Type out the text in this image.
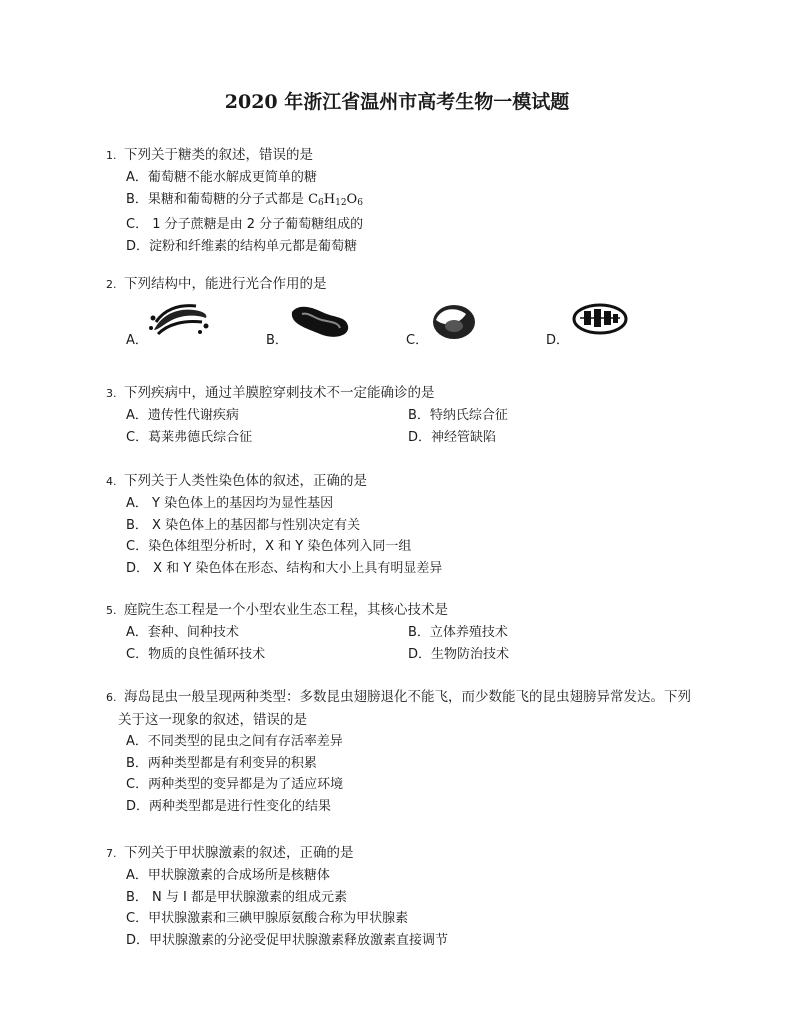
2020 年浙江省温州市高考生物一模试题
1. 下列关于糖类的叙述，错误的是
A．葡萄糖不能水解成更简单的糖
B．果糖和葡萄糖的分子式都是 $C_6H_{12}O_6$
C． 1 分子蔗糖是由 2 分子葡萄糖组成的
D．淀粉和纤维素的结构单元都是葡萄糖
2. 下列结构中，能进行光合作用的是
A．	B．	C．	D．
3. 下列疾病中，通过羊膜腔穿刺技术不一定能确诊的是
A．遗传性代谢疾病	B．特纳氏综合征
C．葛莱弗德氏综合征	D．神经管缺陷
4. 下列关于人类性染色体的叙述，正确的是
A． Y 染色体上的基因均为显性基因
B． X 染色体上的基因都与性别决定有关
C．染色体组型分析时，X 和 Y 染色体列入同一组
D． X 和 Y 染色体在形态、结构和大小上具有明显差异
5. 庭院生态工程是一个小型农业生态工程，其核心技术是
A．套种、间种技术	B．立体养殖技术
C．物质的良性循环技术	D．生物防治技术
6. 海岛昆虫一般呈现两种类型：多数昆虫翅膀退化不能飞，而少数能飞的昆虫翅膀异常发达。下列
关于这一现象的叙述，错误的是
A．不同类型的昆虫之间有存活率差异
B．两种类型都是有利变异的积累
C．两种类型的变异都是为了适应环境
D．两种类型都是进行性变化的结果
7. 下列关于甲状腺激素的叙述，正确的是
A．甲状腺激素的合成场所是核糖体
B． N 与 I 都是甲状腺激素的组成元素
C．甲状腺激素和三碘甲腺原氨酸合称为甲状腺素
D．甲状腺激素的分泌受促甲状腺激素释放激素直接调节
